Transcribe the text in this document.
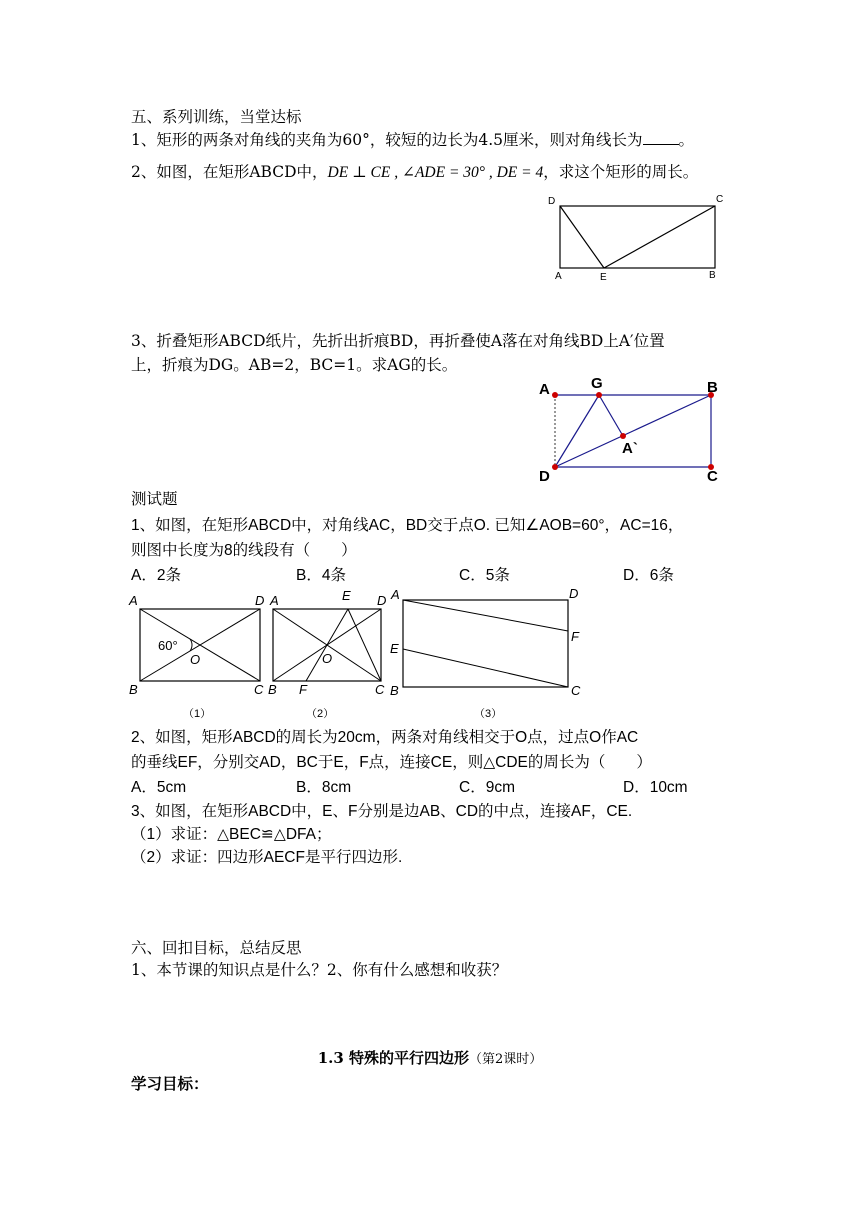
五、系列训练，当堂达标
1、矩形的两条对角线的夹角为60°，较短的边长为4.5厘米，则对角线长为 。
2、如图，在矩形ABCD中，DE ⊥ CE , ∠ADE = 30° , DE = 4，求这个矩形的周长。
D	C
A	E	B
3、折叠矩形ABCD纸片，先折出折痕BD，再折叠使A落在对角线BD上A′位置
上，折痕为DG。AB=2，BC=1。求AG的长。
A	G	B
D	C
A`
测试题
1、如图，在矩形ABCD中，对角线AC，BD交于点O. 已知∠AOB=60°，AC=16，
则图中长度为8的线段有（　　）
A．2条	B．4条	C．5条	D．6条
A	D
B	C
O
60°
（1）
A	E D
B F	C
O
（2）
A	D
F
E
B	C
（3）
2、如图，矩形ABCD的周长为20cm，两条对角线相交于O点，过点O作AC
的垂线EF，分别交AD，BC于E，F点，连接CE，则△CDE的周长为（　　）
A．5cm	B．8cm	C．9cm	D．10cm
3、如图，在矩形ABCD中，E、F分别是边AB、CD的中点，连接AF，CE.
（1）求证：△BEC≌△DFA；
（2）求证：四边形AECF是平行四边形.
六、回扣目标，总结反思
1、本节课的知识点是什么？2、你有什么感想和收获？
1.3 特殊的平行四边形（第2课时）
学习目标：
